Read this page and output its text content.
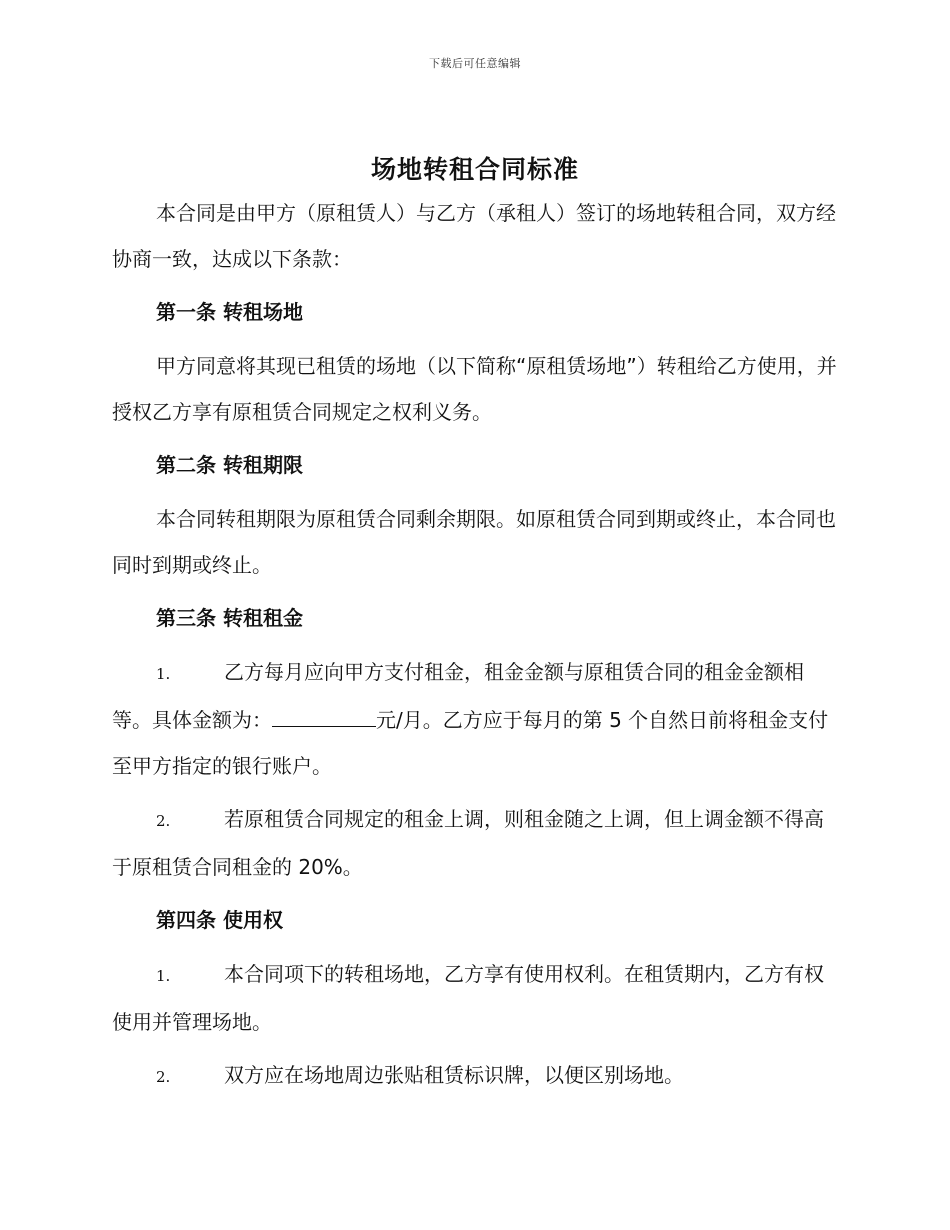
下载后可任意编辑
场地转租合同标准

本合同是由甲方（原租赁人）与乙方（承租人）签订的场地转租合同，双方经协商一致，达成以下条款：

第一条 转租场地

甲方同意将其现已租赁的场地（以下简称“原租赁场地”）转租给乙方使用，并授权乙方享有原租赁合同规定之权利义务。

第二条 转租期限

本合同转租期限为原租赁合同剩余期限。如原租赁合同到期或终止，本合同也同时到期或终止。

第三条 转租租金

1.	乙方每月应向甲方支付租金，租金金额与原租赁合同的租金金额相等。具体金额为：	元/月。乙方应于每月的第 5 个自然日前将租金支付至甲方指定的银行账户。

2.	若原租赁合同规定的租金上调，则租金随之上调，但上调金额不得高于原租赁合同租金的 20%。

第四条 使用权

1.	本合同项下的转租场地，乙方享有使用权利。在租赁期内，乙方有权使用并管理场地。

2.	双方应在场地周边张贴租赁标识牌，以便区别场地。
